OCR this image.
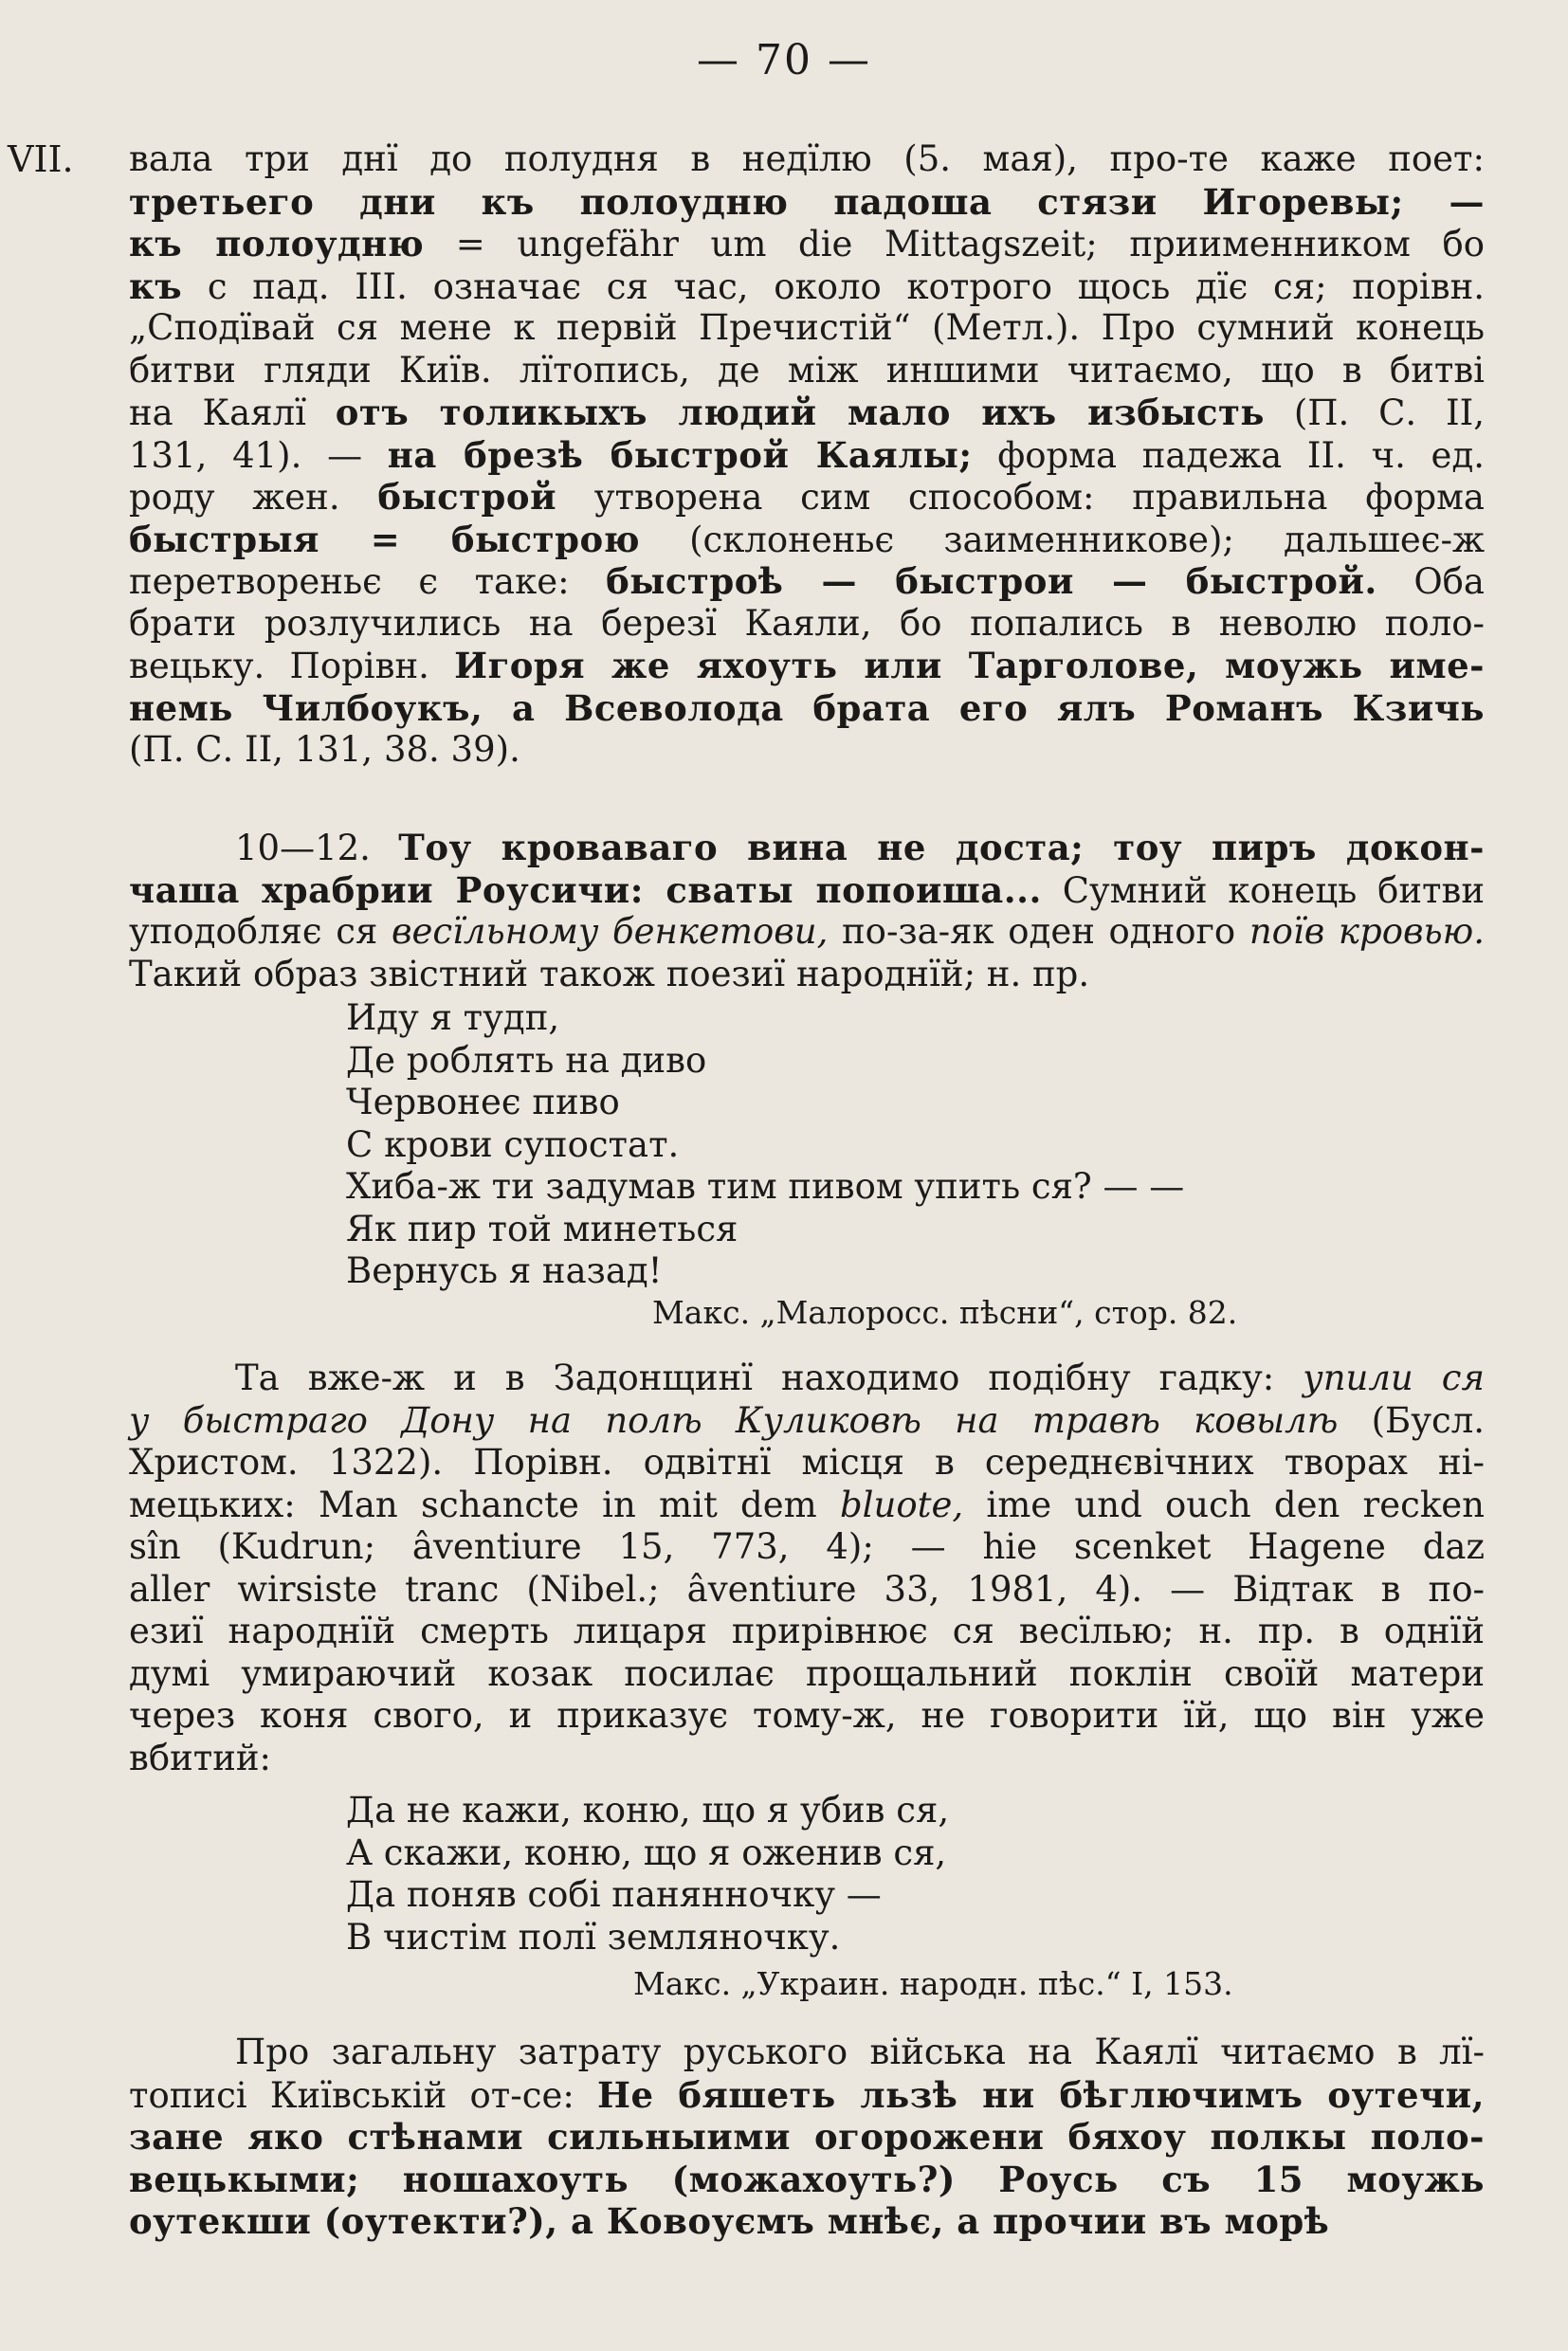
— 70 —
VII. вала три днї до полудня в недїлю (5. мая), про-те каже поет:
третьего дни къ полоудню падоша стязи Игоревы; —
къ полоудню = ungefähr um die Mittagszeit; приименником бо
къ с пад. III. означає ся час, около котрого щось дїє ся; порівн.
„Сподївай ся мене к первій Пречистій“ (Метл.). Про сумний конець
битви гляди Київ. лїтопись, де між иншими читаємо, що в битві
на Каялї отъ толикыхъ людий мало ихъ избысть (П. С. II,
131, 41). — на брезѣ быстрой Каялы; форма падежа II. ч. ед.
роду жен. быстрой утворена сим способом: правильна форма
быстрыя = быстрою (склоненьє заименникове); дальшеє-ж
перетвореньє є таке: быстроѣ — быстрои — быстрой. Оба
брати розлучились на березї Каяли, бо попались в неволю поло-
вецьку. Порівн. Игоря же яхоуть или Тарголове, моужь име-
немь Чилбоукъ, а Всеволода брата его ялъ Романъ Кзичь
(П. С. II, 131, 38. 39).
10—12. Тоу кроваваго вина не доста; тоу пиръ докон-
чаша храбрии Роусичи: сваты попоиша... Сумний конець битви
уподобляє ся весїльному бенкетови, по-за-як оден одного поїв кровью.
Такий образ звістний також поезиї народнїй; н. пр.
Иду я тудп,
Де роблять на диво
Червонеє пиво
С крови супостат.
Хиба-ж ти задумав тим пивом упить ся? — —
Як пир той минеться
Вернусь я назад!
Макс. „Малоросс. пѣсни“, стор. 82.
Та вже-ж и в Задонщинї находимо подібну гадку: упили ся
у быстраго Дону на полѣ Куликовѣ на травѣ ковылѣ (Бусл.
Христом. 1322). Порівн. одвітнї місця в середнєвічних творах ні-
мецьких: Man schancte in mit dem bluote, ime und ouch den recken
sîn (Kudrun; âventiure 15, 773, 4); — hie scenket Hagene daz
aller wirsiste tranc (Nibel.; âventiure 33, 1981, 4). — Відтак в по-
езиї народнїй смерть лицаря прирівнює ся весїлью; н. пр. в однїй
думі умираючий козак посилає прощальний поклін своїй матери
через коня свого, и приказує тому-ж, не говорити їй, що він уже
вбитий:
Да не кажи, коню, що я убив ся,
А скажи, коню, що я оженив ся,
Да поняв собі панянночку —
В чистім полї земляночку.
Макс. „Украин. народн. пѣс.“ I, 153.
Про загальну затрату руського війська на Каялї читаємо в лї-
тописі Київській от-се: Не бяшеть льзѣ ни бѣглючимъ оутечи,
зане яко стѣнами сильныими огорожени бяхоу полкы поло-
вецькыми; ношахоуть (можахоуть?) Роусь съ 15 моужь
оутекши (оутекти?), а Ковоуємъ мнѣє, а прочии въ морѣ
